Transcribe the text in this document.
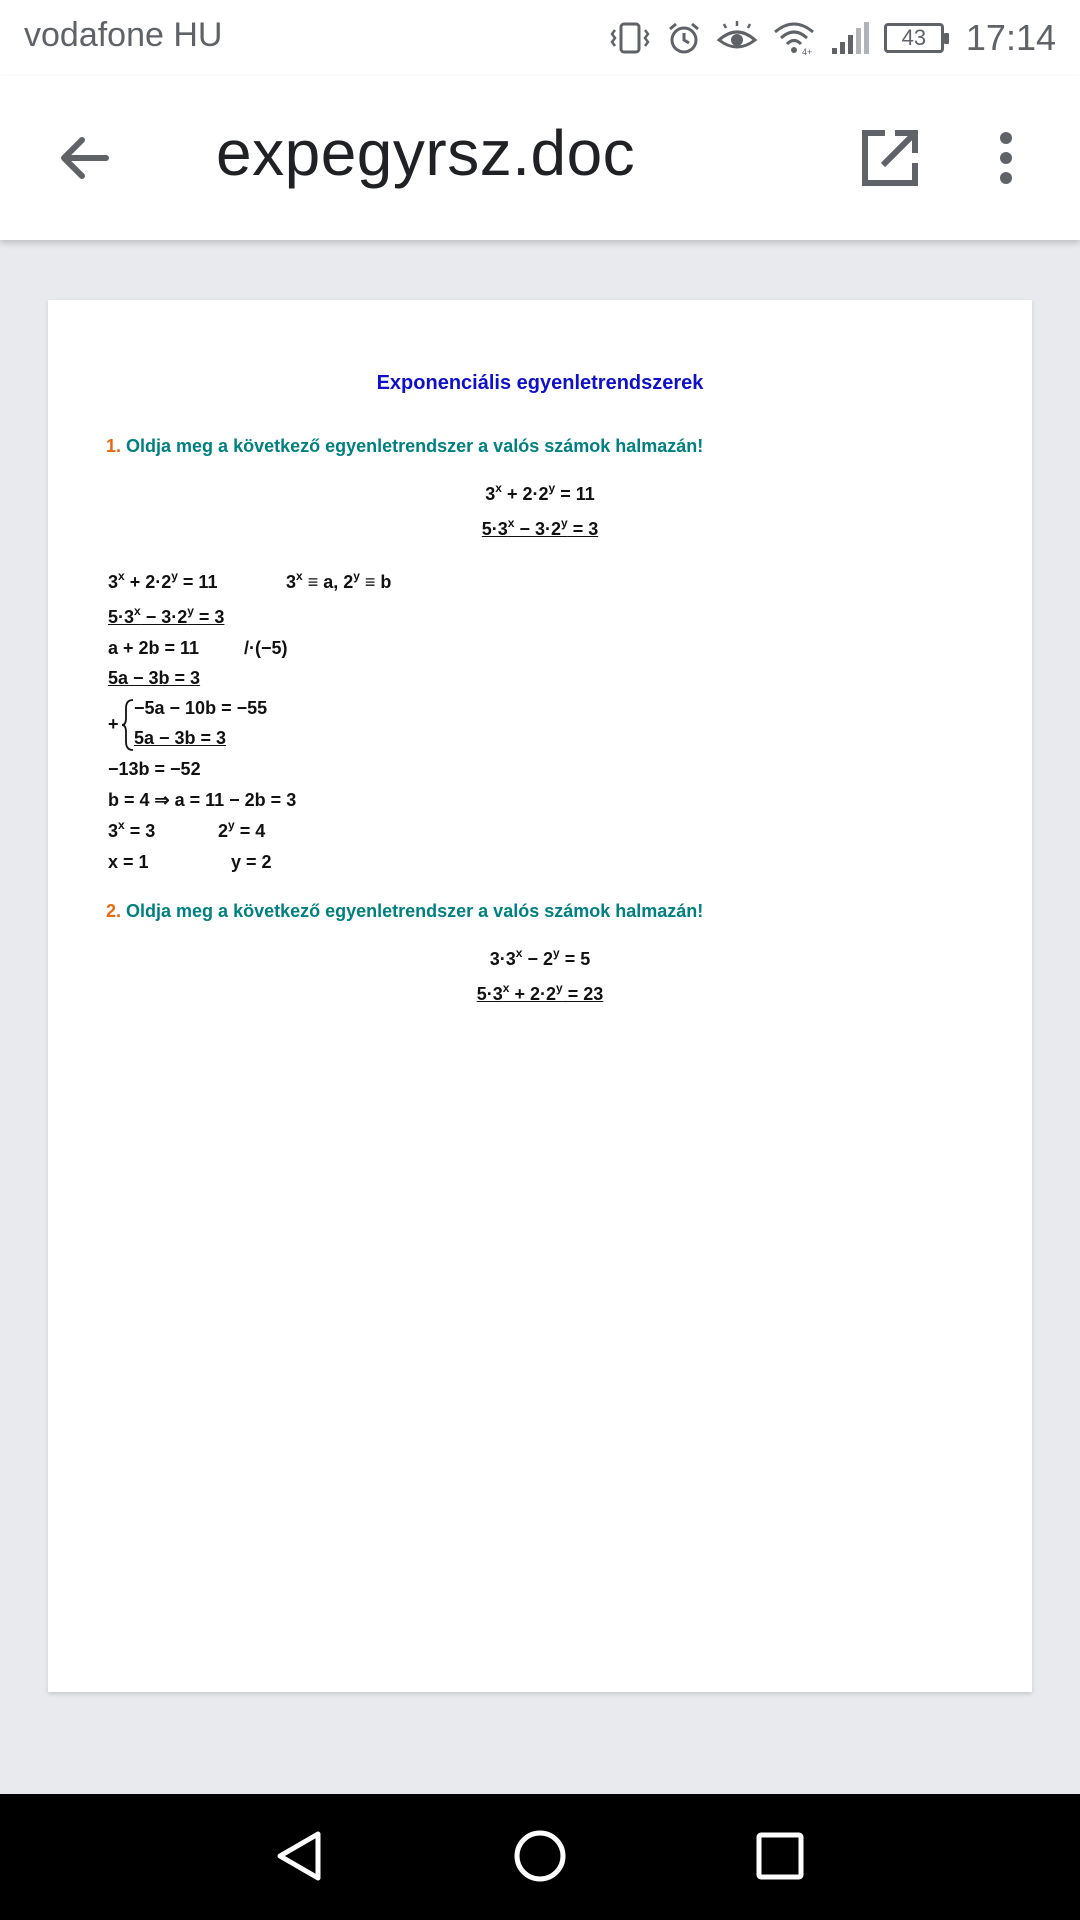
vodafone HU	4+
43	17:14
expegyrsz.doc
Exponenciális egyenletrendszerek
1. Oldja meg a következő egyenletrendszer a valós számok halmazán!
$3^x + 2\cdot 2^y = 11$
$5\cdot 3^x - 3\cdot 2^y = 3$
$3^x + 2\cdot 2^y = 11$	$3^x \equiv a$, $2^y \equiv b$
$5\cdot 3^x - 3\cdot 2^y = 3$
a + 2b = 11 /·(−5)
5a − 3b = 3
+
−5a − 10b = −55
5a − 3b = 3
−13b = −52
b = 4 ⇒ a = 11 − 2b = 3
$3^x = 3$	$2^y = 4$
x = 1	y = 2
2. Oldja meg a következő egyenletrendszer a valós számok halmazán!
$3\cdot 3^x - 2^y = 5$
$5\cdot 3^x + 2\cdot 2^y = 23$
